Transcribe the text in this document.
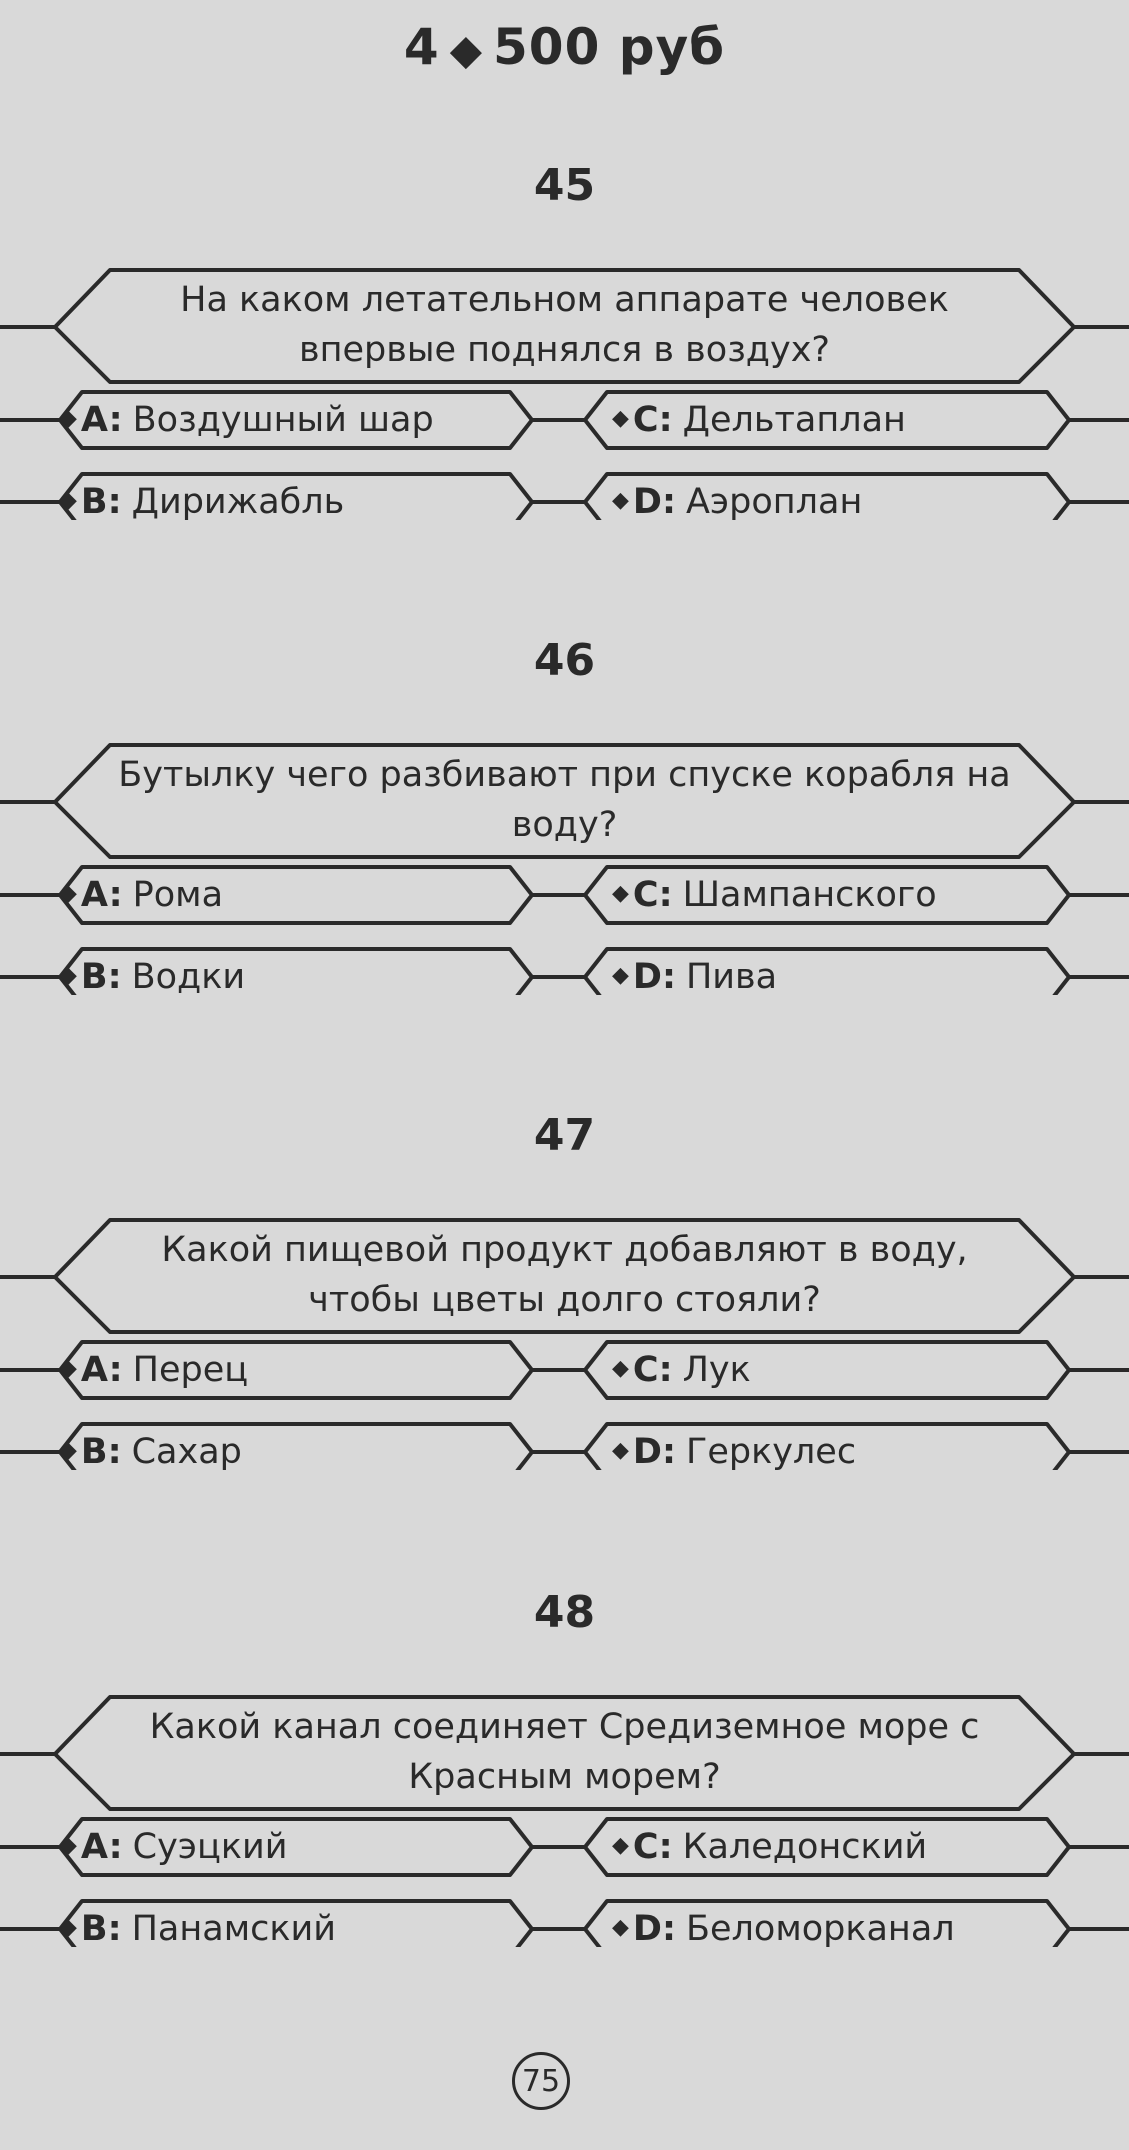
4 ◆ 500 руб
45
На каком летательном аппарате человек впервые поднялся в воздух?
◆ A: Воздушный шар	◆ C: Дельтаплан
◆ B: Дирижабль	◆ D: Аэроплан
46
Бутылку чего разбивают при спуске корабля на воду?
◆ A: Рома	◆ C: Шампанского
◆ B: Водки	◆ D: Пива
47
Какой пищевой продукт добавляют в воду, чтобы цветы долго стояли?
◆ A: Перец	◆ C: Лук
◆ B: Сахар	◆ D: Геркулес
48
Какой канал соединяет Средиземное море с Красным морем?
◆ A: Суэцкий	◆ C: Каледонский
◆ B: Панамский	◆ D: Беломорканал
75
